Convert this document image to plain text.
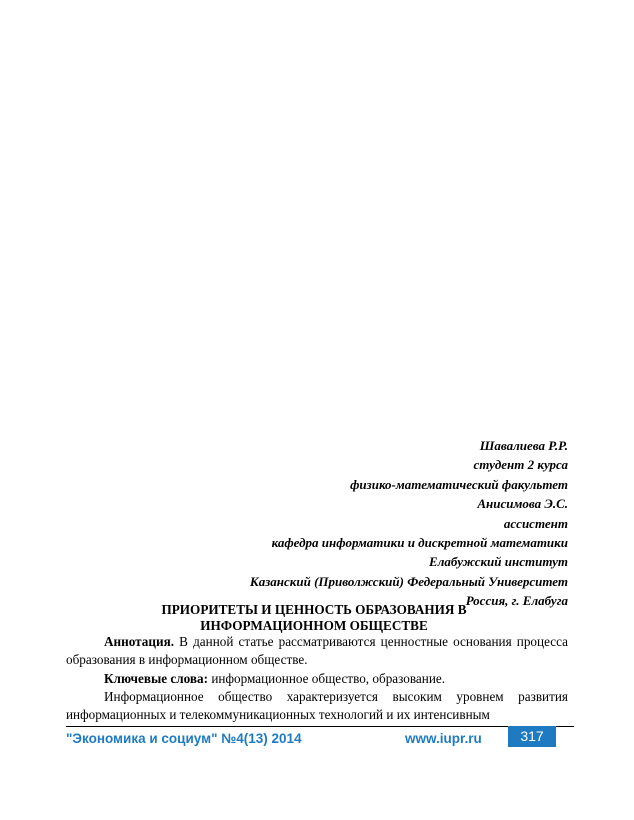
Шавалиева Р.Р.
студент 2 курса
физико-математический факультет
Анисимова Э.С.
ассистент
кафедра информатики и дискретной математики
Елабужский институт
Казанский (Приволжский) Федеральный Университет
Россия, г. Елабуга
ПРИОРИТЕТЫ И ЦЕННОСТЬ ОБРАЗОВАНИЯ В
ИНФОРМАЦИОННОМ ОБЩЕСТВЕ

Аннотация. В данной статье рассматриваются ценностные основания процесса образования в информационном обществе.

Ключевые слова: информационное общество, образование.

Информационное общество характеризуется высоким уровнем развития информационных и телекоммуникационных технологий и их интенсивным

"Экономика и социум" №4(13) 2014	www.iupr.ru	317
